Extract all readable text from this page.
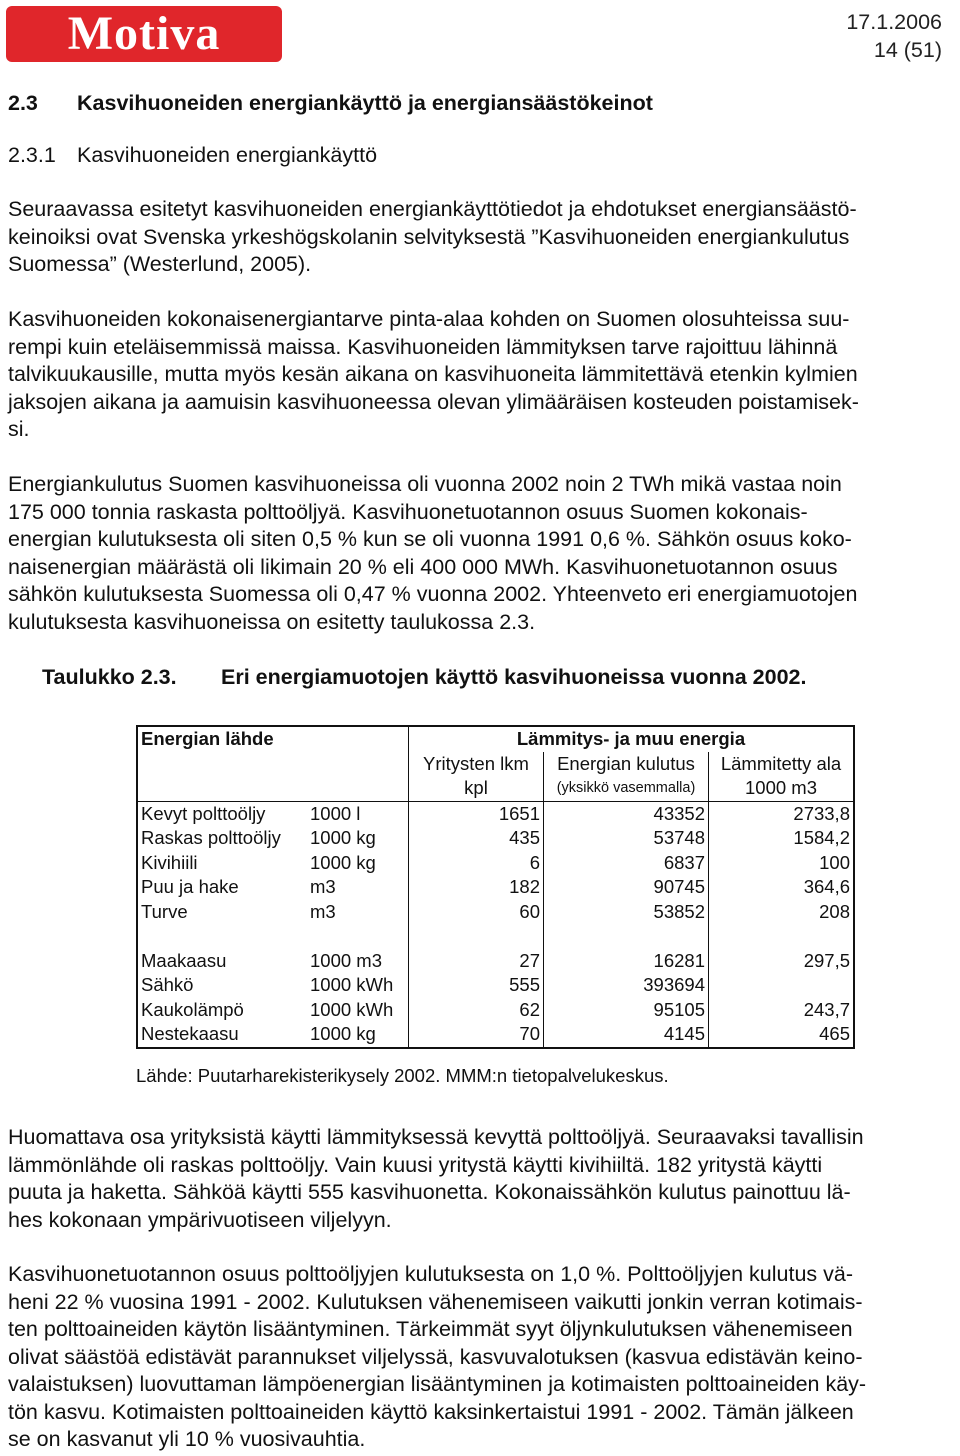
Motiva	17.1.2006
14 (51)
2.3 Kasvihuoneiden energiankäyttö ja energiansäästökeinot
2.3.1 Kasvihuoneiden energiankäyttö
Seuraavassa esitetyt kasvihuoneiden energiankäyttötiedot ja ehdotukset energiansäästö-
keinoiksi ovat Svenska yrkeshögskolanin selvityksestä ”Kasvihuoneiden energiankulutus
Suomessa” (Westerlund, 2005).
Kasvihuoneiden kokonaisenergiantarve pinta-alaa kohden on Suomen olosuhteissa suu-
rempi kuin eteläisemmissä maissa. Kasvihuoneiden lämmityksen tarve rajoittuu lähinnä
talvikuukausille, mutta myös kesän aikana on kasvihuoneita lämmitettävä etenkin kylmien
jaksojen aikana ja aamuisin kasvihuoneessa olevan ylimääräisen kosteuden poistamisek-
si.
Energiankulutus Suomen kasvihuoneissa oli vuonna 2002 noin 2 TWh mikä vastaa noin
175 000 tonnia raskasta polttoöljyä. Kasvihuonetuotannon osuus Suomen kokonais-
energian kulutuksesta oli siten 0,5 % kun se oli vuonna 1991 0,6 %. Sähkön osuus koko-
naisenergian määrästä oli likimain 20 % eli 400 000 MWh. Kasvihuonetuotannon osuus
sähkön kulutuksesta Suomessa oli 0,47 % vuonna 2002. Yhteenveto eri energiamuotojen
kulutuksesta kasvihuoneissa on esitetty taulukossa 2.3.
Taulukko 2.3. Eri energiamuotojen käyttö kasvihuoneissa vuonna 2002.
Energian lähde		Lämmitys- ja muu energia		
		Yritysten lkm	Energian kulutus	Lämmitetty ala
		kpl	(yksikkö vasemmalla)	1000 m3
Kevyt polttoöljy	1000 l	1651	43352	2733,8
Raskas polttoöljy	1000 kg	435	53748	1584,2
Kivihiili	1000 kg	6	6837	100
Puu ja hake	m3	182	90745	364,6
Turve	m3	60	53852	208

Maakaasu	1000 m3	27	16281	297,5
Sähkö	1000 kWh	555	393694	
Kaukolämpö	1000 kWh	62	95105	243,7
Nestekaasu	1000 kg	70	4145	465
Lähde: Puutarharekisterikysely 2002. MMM:n tietopalvelukeskus.
Huomattava osa yrityksistä käytti lämmityksessä kevyttä polttoöljyä. Seuraavaksi tavallisin
lämmönlähde oli raskas polttoöljy. Vain kuusi yritystä käytti kivihiiltä. 182 yritystä käytti
puuta ja haketta. Sähköä käytti 555 kasvihuonetta. Kokonaissähkön kulutus painottuu lä-
hes kokonaan ympärivuotiseen viljelyyn.
Kasvihuonetuotannon osuus polttoöljyjen kulutuksesta on 1,0 %. Polttoöljyjen kulutus vä-
heni 22 % vuosina 1991 - 2002. Kulutuksen vähenemiseen vaikutti jonkin verran kotimais-
ten polttoaineiden käytön lisääntyminen. Tärkeimmät syyt öljynkulutuksen vähenemiseen
olivat säästöä edistävät parannukset viljelyssä, kasvuvalotuksen (kasvua edistävän keino-
valaistuksen) luovuttaman lämpöenergian lisääntyminen ja kotimaisten polttoaineiden käy-
tön kasvu. Kotimaisten polttoaineiden käyttö kaksinkertaistui 1991 - 2002. Tämän jälkeen
se on kasvanut yli 10 % vuosivauhtia.
